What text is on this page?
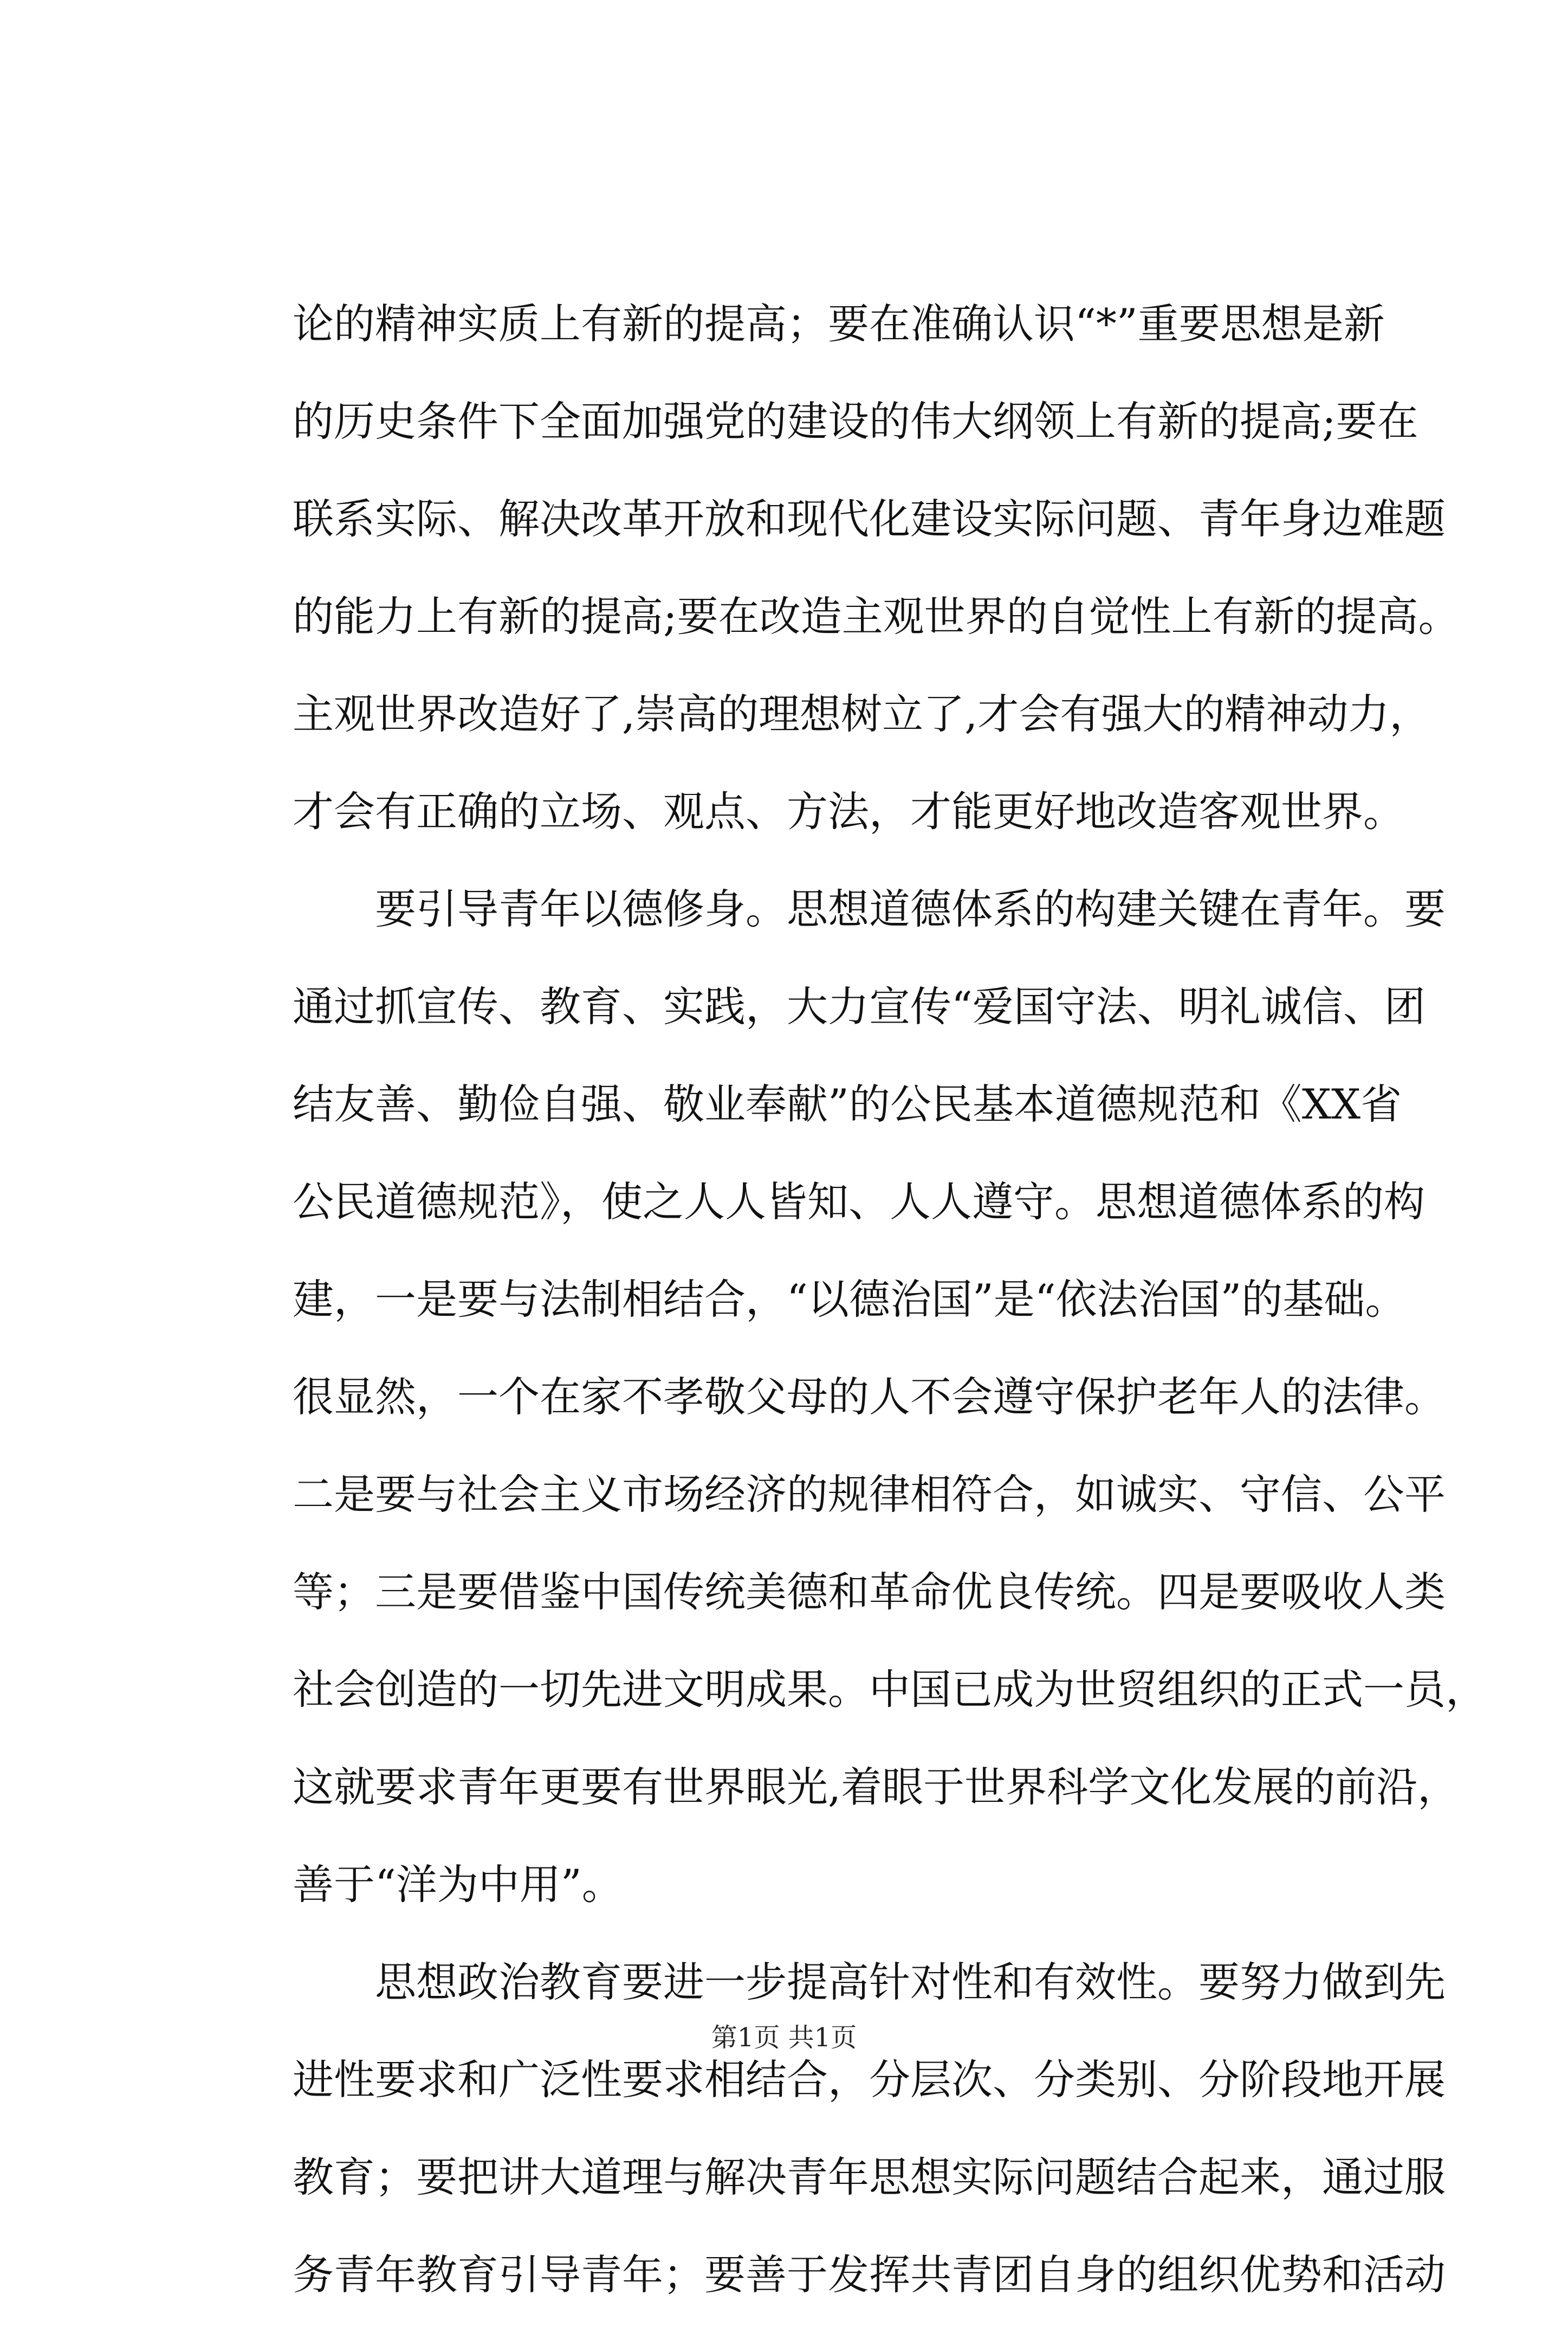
论的精神实质上有新的提高；要在准确认识“*”重要思想是新
的历史条件下全面加强党的建设的伟大纲领上有新的提高;要在
联系实际、解决改革开放和现代化建设实际问题、青年身边难题
的能力上有新的提高;要在改造主观世界的自觉性上有新的提高。
主观世界改造好了,崇高的理想树立了,才会有强大的精神动力，
才会有正确的立场、观点、方法，才能更好地改造客观世界。
　　要引导青年以德修身。思想道德体系的构建关键在青年。要
通过抓宣传、教育、实践，大力宣传“爱国守法、明礼诚信、团
结友善、勤俭自强、敬业奉献”的公民基本道德规范和《XX省
公民道德规范》，使之人人皆知、人人遵守。思想道德体系的构
建，一是要与法制相结合，“以德治国”是“依法治国”的基础。
很显然，一个在家不孝敬父母的人不会遵守保护老年人的法律。
二是要与社会主义市场经济的规律相符合，如诚实、守信、公平
等；三是要借鉴中国传统美德和革命优良传统。四是要吸收人类
社会创造的一切先进文明成果。中国已成为世贸组织的正式一员，
这就要求青年更要有世界眼光,着眼于世界科学文化发展的前沿，
善于“洋为中用”。
　　思想政治教育要进一步提高针对性和有效性。要努力做到先
进性要求和广泛性要求相结合，分层次、分类别、分阶段地开展
教育；要把讲大道理与解决青年思想实际问题结合起来，通过服
务青年教育引导青年；要善于发挥共青团自身的组织优势和活动
第1页 共1页
